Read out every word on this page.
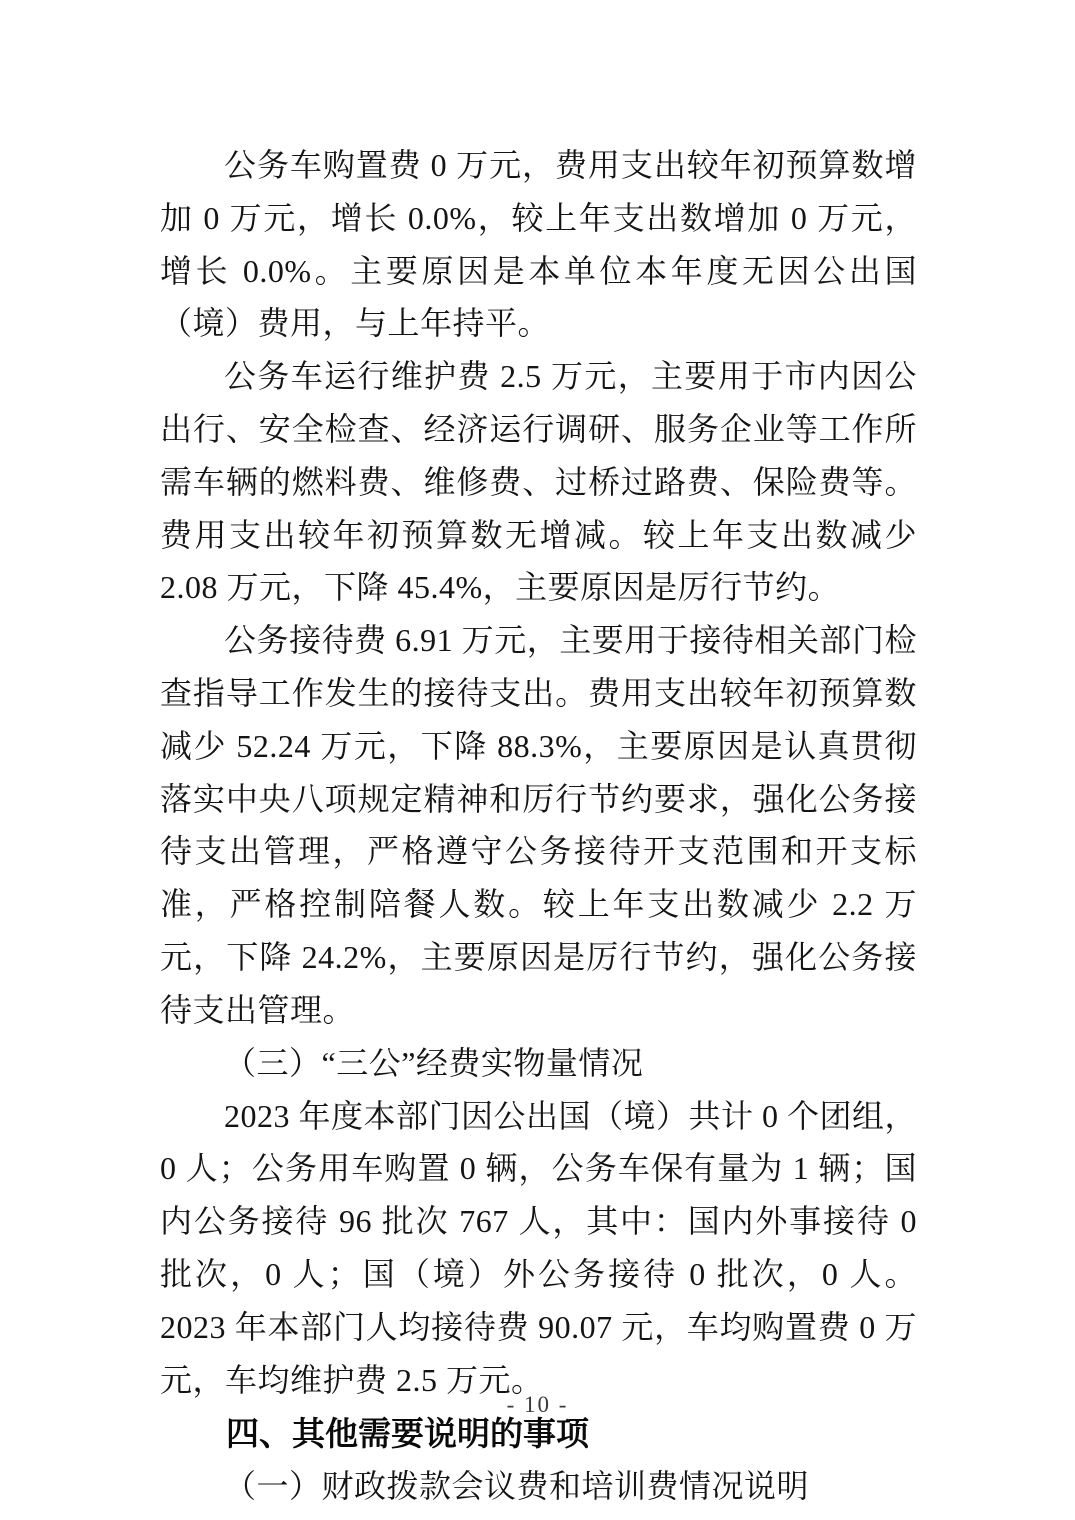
公务车购置费 0 万元，费用支出较年初预算数增加 0 万元，增长 0.0%，较上年支出数增加 0 万元，增长 0.0%。主要原因是本单位本年度无因公出国（境）费用，与上年持平。

公务车运行维护费 2.5 万元，主要用于市内因公出行、安全检查、经济运行调研、服务企业等工作所需车辆的燃料费、维修费、过桥过路费、保险费等。费用支出较年初预算数无增减。较上年支出数减少 2.08 万元，下降 45.4%，主要原因是厉行节约。

公务接待费 6.91 万元，主要用于接待相关部门检查指导工作发生的接待支出。费用支出较年初预算数减少 52.24 万元，下降 88.3%，主要原因是认真贯彻落实中央八项规定精神和厉行节约要求，强化公务接待支出管理，严格遵守公务接待开支范围和开支标准，严格控制陪餐人数。较上年支出数减少 2.2 万元，下降 24.2%，主要原因是厉行节约，强化公务接待支出管理。

（三）“三公”经费实物量情况

2023 年度本部门因公出国（境）共计 0 个团组，0 人；公务用车购置 0 辆，公务车保有量为 1 辆；国内公务接待 96 批次 767 人，其中：国内外事接待 0 批次，0 人；国（境）外公务接待 0 批次，0 人。2023 年本部门人均接待费 90.07 元，车均购置费 0 万元，车均维护费 2.5 万元。

四、其他需要说明的事项

（一）财政拨款会议费和培训费情况说明

- 10 -
